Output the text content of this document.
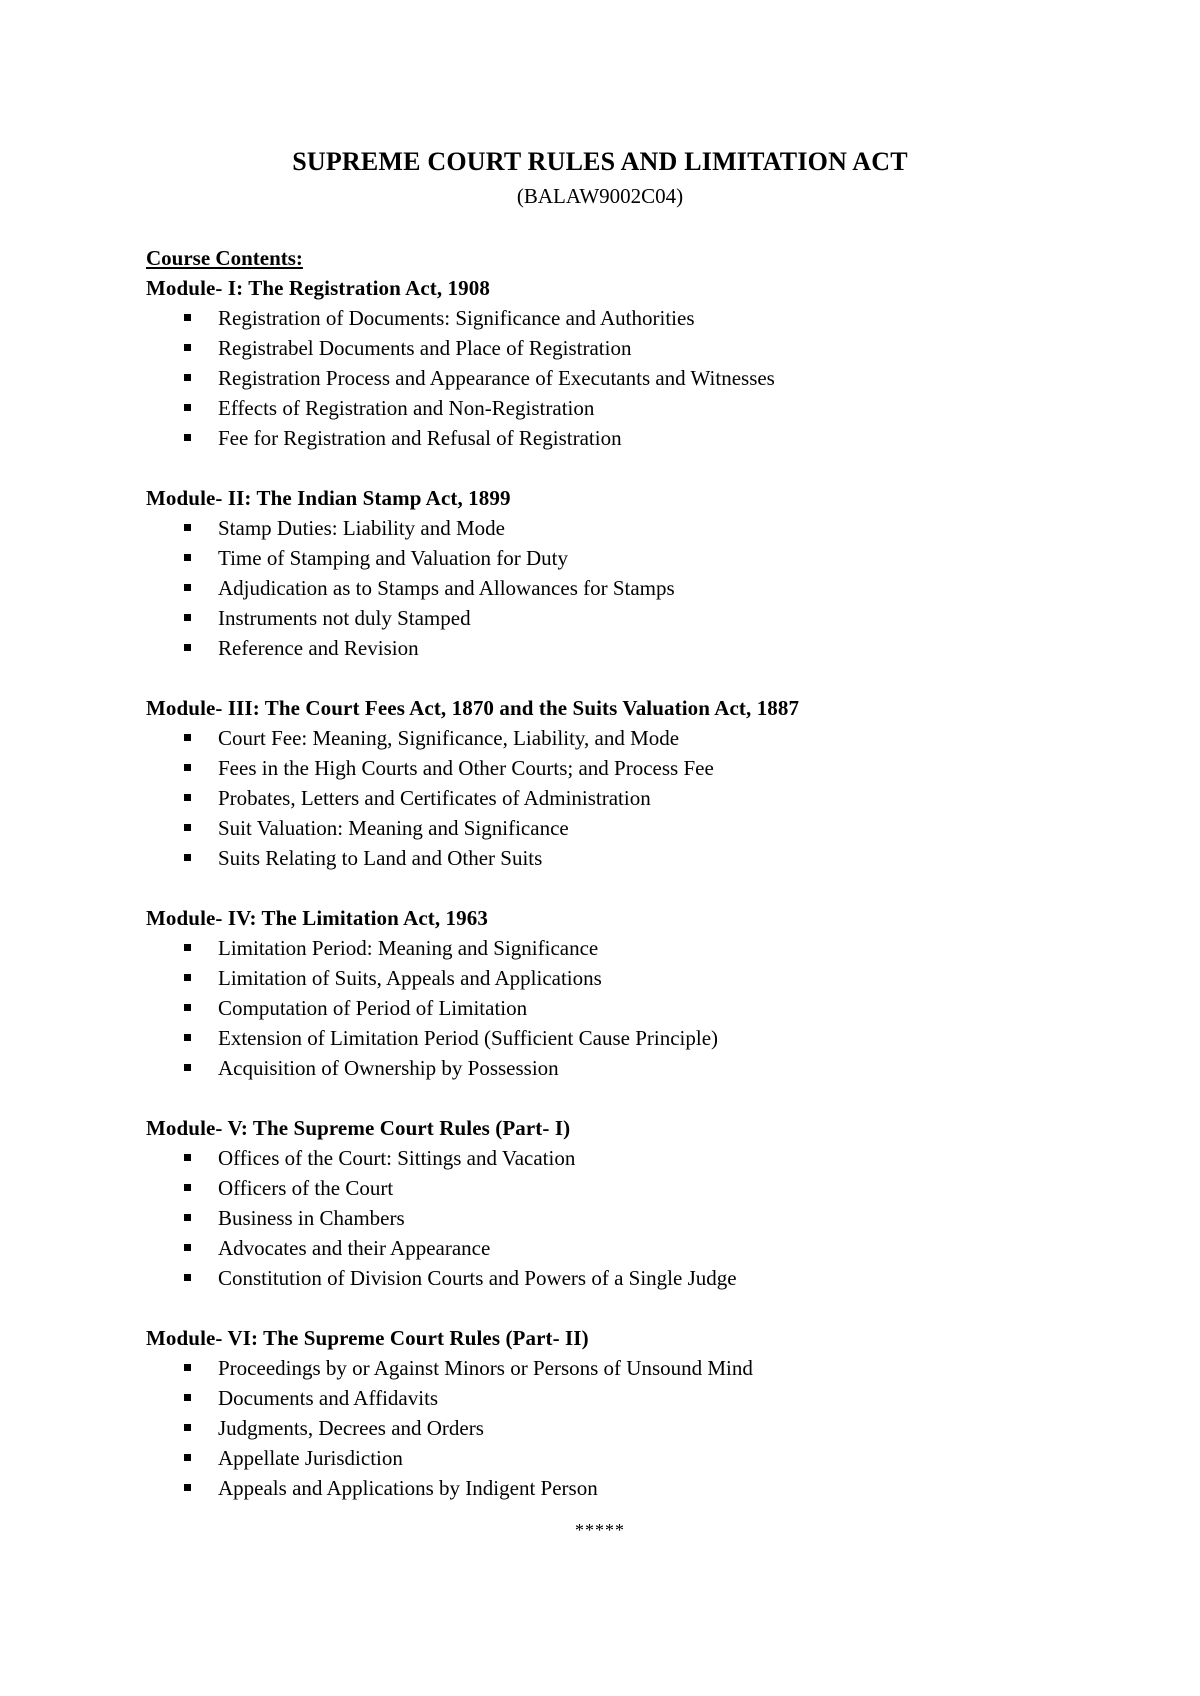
SUPREME COURT RULES AND LIMITATION ACT
(BALAW9002C04)

Course Contents:

Module- I: The Registration Act, 1908

Registration of Documents: Significance and Authorities
Registrabel Documents and Place of Registration
Registration Process and Appearance of Executants and Witnesses
Effects of Registration and Non-Registration
Fee for Registration and Refusal of Registration

Module- II: The Indian Stamp Act, 1899

Stamp Duties: Liability and Mode
Time of Stamping and Valuation for Duty
Adjudication as to Stamps and Allowances for Stamps
Instruments not duly Stamped
Reference and Revision

Module- III: The Court Fees Act, 1870 and the Suits Valuation Act, 1887

Court Fee: Meaning, Significance, Liability, and Mode
Fees in the High Courts and Other Courts; and Process Fee
Probates, Letters and Certificates of Administration
Suit Valuation: Meaning and Significance
Suits Relating to Land and Other Suits

Module- IV: The Limitation Act, 1963

Limitation Period: Meaning and Significance
Limitation of Suits, Appeals and Applications
Computation of Period of Limitation
Extension of Limitation Period (Sufficient Cause Principle)
Acquisition of Ownership by Possession

Module- V: The Supreme Court Rules (Part- I)

Offices of the Court: Sittings and Vacation
Officers of the Court
Business in Chambers
Advocates and their Appearance
Constitution of Division Courts and Powers of a Single Judge

Module- VI: The Supreme Court Rules (Part- II)

Proceedings by or Against Minors or Persons of Unsound Mind
Documents and Affidavits
Judgments, Decrees and Orders
Appellate Jurisdiction
Appeals and Applications by Indigent Person
*****
